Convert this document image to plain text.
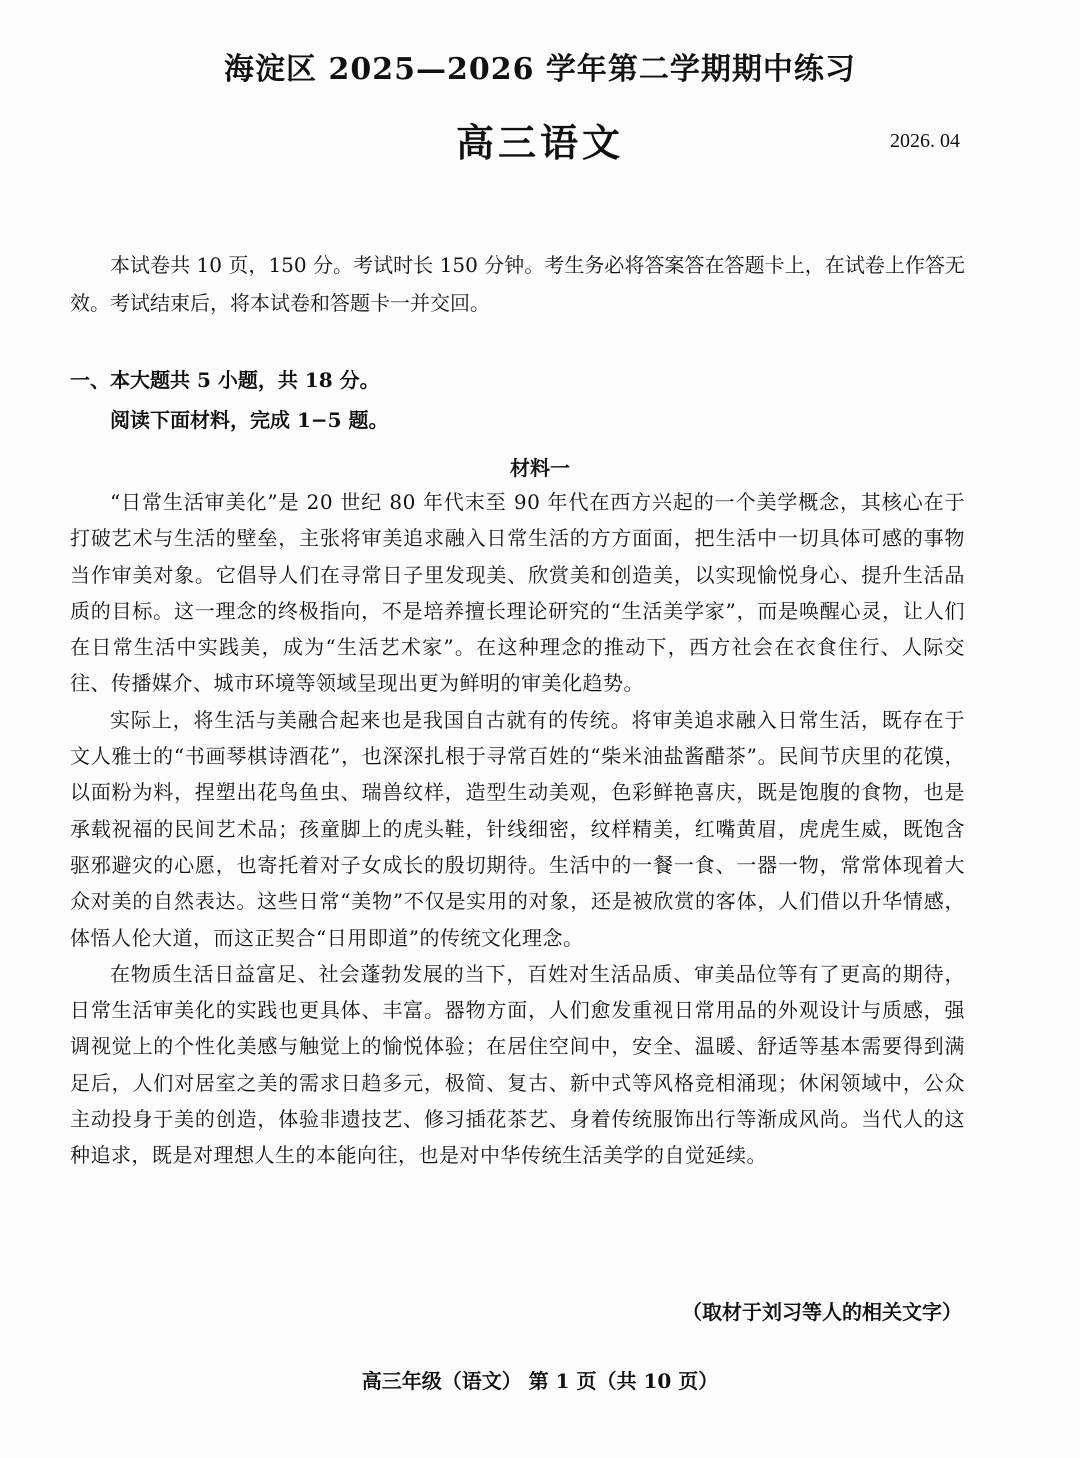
海淀区 2025—2026 学年第二学期期中练习
高三语文	2026. 04

本试卷共 10 页，150 分。考试时长 150 分钟。考生务必将答案答在答题卡上，在试卷上作答无效。考试结束后，将本试卷和答题卡一并交回。

一、本大题共 5 小题，共 18 分。

阅读下面材料，完成 1−5 题。

材料一

“日常生活审美化”是 20 世纪 80 年代末至 90 年代在西方兴起的一个美学概念，其核心在于打破艺术与生活的壁垒，主张将审美追求融入日常生活的方方面面，把生活中一切具体可感的事物当作审美对象。它倡导人们在寻常日子里发现美、欣赏美和创造美，以实现愉悦身心、提升生活品质的目标。这一理念的终极指向，不是培养擅长理论研究的“生活美学家”，而是唤醒心灵，让人们在日常生活中实践美，成为“生活艺术家”。在这种理念的推动下，西方社会在衣食住行、人际交往、传播媒介、城市环境等领域呈现出更为鲜明的审美化趋势。

实际上，将生活与美融合起来也是我国自古就有的传统。将审美追求融入日常生活，既存在于文人雅士的“书画琴棋诗酒花”，也深深扎根于寻常百姓的“柴米油盐酱醋茶”。民间节庆里的花馍，以面粉为料，捏塑出花鸟鱼虫、瑞兽纹样，造型生动美观，色彩鲜艳喜庆，既是饱腹的食物，也是承载祝福的民间艺术品；孩童脚上的虎头鞋，针线细密，纹样精美，红嘴黄眉，虎虎生威，既饱含驱邪避灾的心愿，也寄托着对子女成长的殷切期待。生活中的一餐一食、一器一物，常常体现着大众对美的自然表达。这些日常“美物”不仅是实用的对象，还是被欣赏的客体，人们借以升华情感，体悟人伦大道，而这正契合“日用即道”的传统文化理念。

在物质生活日益富足、社会蓬勃发展的当下，百姓对生活品质、审美品位等有了更高的期待，日常生活审美化的实践也更具体、丰富。器物方面，人们愈发重视日常用品的外观设计与质感，强调视觉上的个性化美感与触觉上的愉悦体验；在居住空间中，安全、温暖、舒适等基本需要得到满足后，人们对居室之美的需求日趋多元，极简、复古、新中式等风格竞相涌现；休闲领域中，公众主动投身于美的创造，体验非遗技艺、修习插花茶艺、身着传统服饰出行等渐成风尚。当代人的这种追求，既是对理想人生的本能向往，也是对中华传统生活美学的自觉延续。

（取材于刘习等人的相关文字）

高三年级（语文） 第 1 页（共 10 页）
